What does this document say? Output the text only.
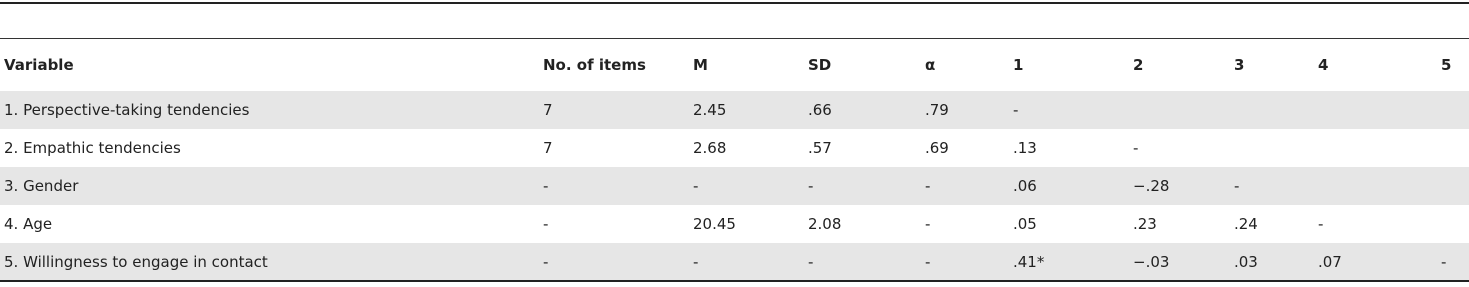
Variable	No. of items	M	SD	α	1	2	3	4	5
1. Perspective-taking tendencies	7	2.45	.66	.79	-
2. Empathic tendencies	7	2.68	.57	.69	.13	-
3. Gender	-	-	-	-	.06	−.28	-
4. Age	-	20.45	2.08	-	.05	.23	.24	-
5. Willingness to engage in contact	-	-	-	-	.41*	−.03	.03	.07	-
